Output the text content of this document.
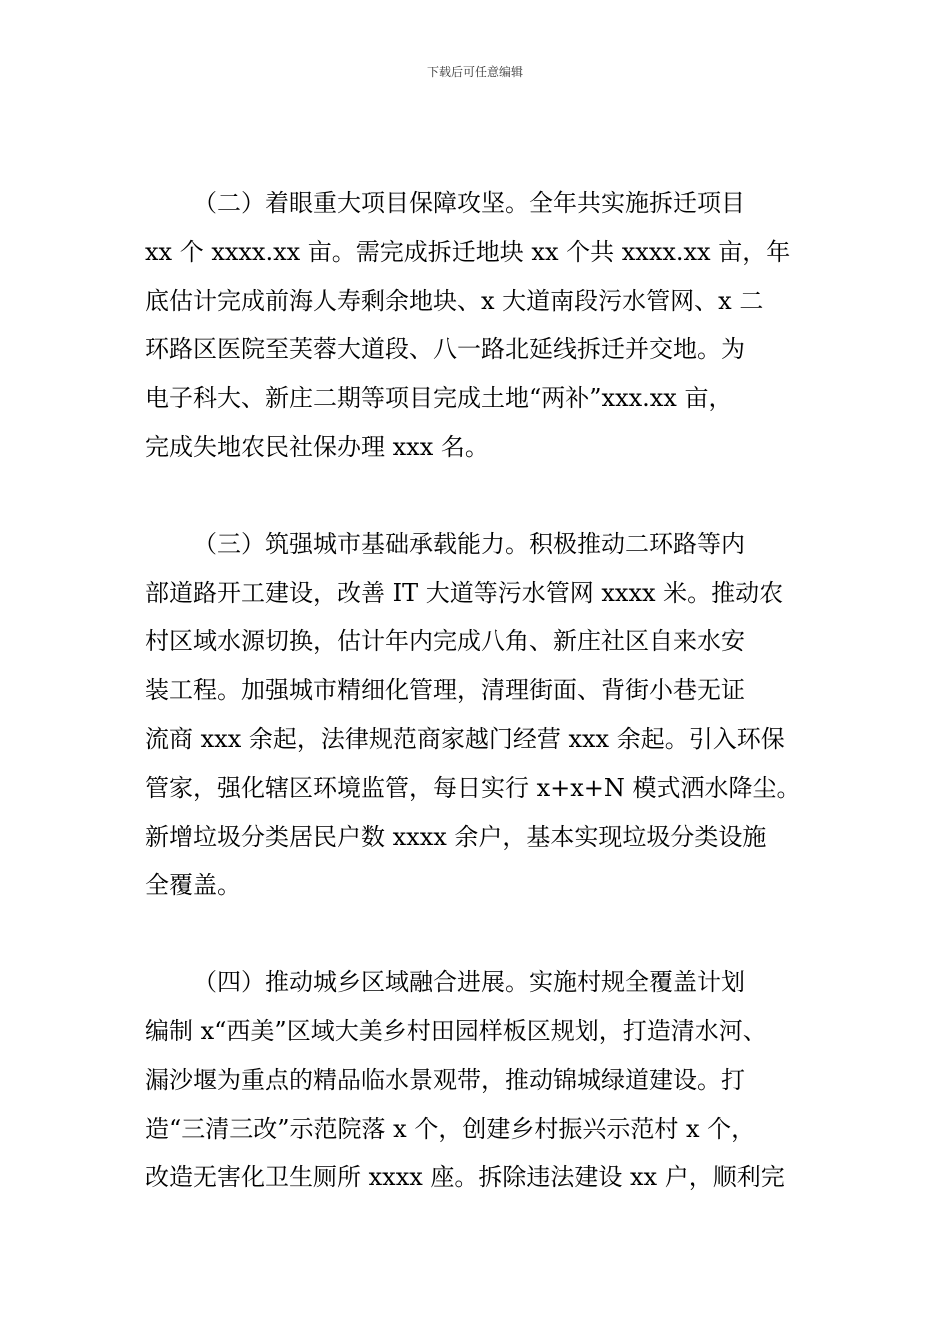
下载后可任意编辑
（二）着眼重大项目保障攻坚。全年共实施拆迁项目
xx 个 xxxx.xx 亩。需完成拆迁地块 xx 个共 xxxx.xx 亩，年
底估计完成前海人寿剩余地块、x 大道南段污水管网、x 二
环路区医院至芙蓉大道段、八一路北延线拆迁并交地。为
电子科大、新庄二期等项目完成土地“两补”xxx.xx 亩，
完成失地农民社保办理 xxx 名。
（三）筑强城市基础承载能力。积极推动二环路等内
部道路开工建设，改善 IT 大道等污水管网 xxxx 米。推动农
村区域水源切换，估计年内完成八角、新庄社区自来水安
装工程。加强城市精细化管理，清理街面、背街小巷无证
流商 xxx 余起，法律规范商家越门经营 xxx 余起。引入环保
管家，强化辖区环境监管，每日实行 x+x+N 模式洒水降尘。
新增垃圾分类居民户数 xxxx 余户，基本实现垃圾分类设施
全覆盖。
（四）推动城乡区域融合进展。实施村规全覆盖计划
编制 x“西美”区域大美乡村田园样板区规划，打造清水河、
漏沙堰为重点的精品临水景观带，推动锦城绿道建设。打
造“三清三改”示范院落 x 个，创建乡村振兴示范村 x 个，
改造无害化卫生厕所 xxxx 座。拆除违法建设 xx 户，顺利完
